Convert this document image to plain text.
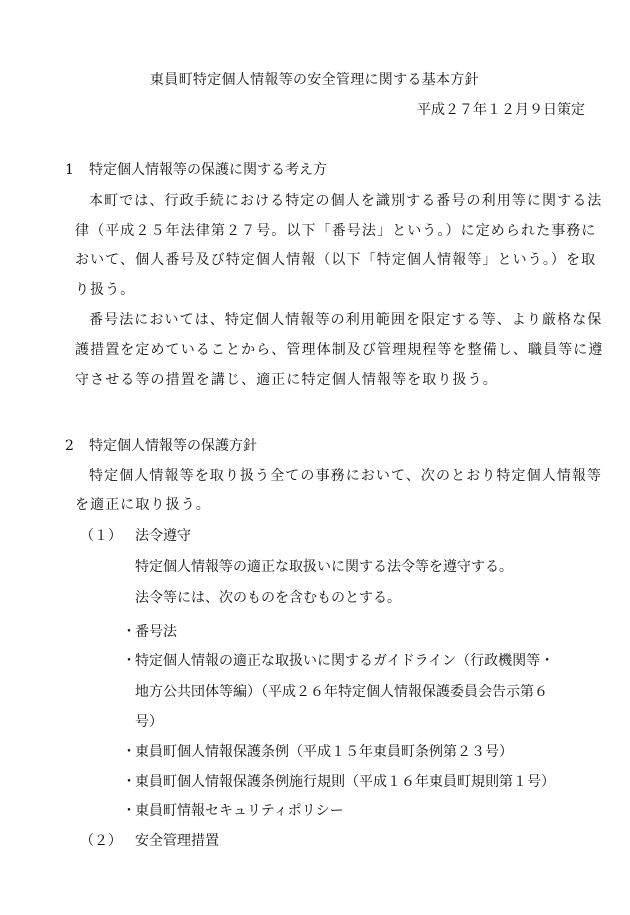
東員町特定個人情報等の安全管理に関する基本方針
平成２７年１２月９日策定
1 特定個人情報等の保護に関する考え方
本町では、行政手続における特定の個人を識別する番号の利用等に関する法
律（平成２５年法律第２７号。以下「番号法」という。）に定められた事務に
おいて、個人番号及び特定個人情報（以下「特定個人情報等」という。）を取
り扱う。
番号法においては、特定個人情報等の利用範囲を限定する等、より厳格な保
護措置を定めていることから、管理体制及び管理規程等を整備し、職員等に遵
守させる等の措置を講じ、適正に特定個人情報等を取り扱う。
2 特定個人情報等の保護方針
特定個人情報等を取り扱う全ての事務において、次のとおり特定個人情報等
を適正に取り扱う。
（１） 法令遵守
特定個人情報等の適正な取扱いに関する法令等を遵守する。
法令等には、次のものを含むものとする。
・番号法
・特定個人情報の適正な取扱いに関するガイドライン（行政機関等・
地方公共団体等編）（平成２６年特定個人情報保護委員会告示第６
号）
・東員町個人情報保護条例（平成１５年東員町条例第２３号）
・東員町個人情報保護条例施行規則（平成１６年東員町規則第１号）
・東員町情報セキュリティポリシー
（２） 安全管理措置
